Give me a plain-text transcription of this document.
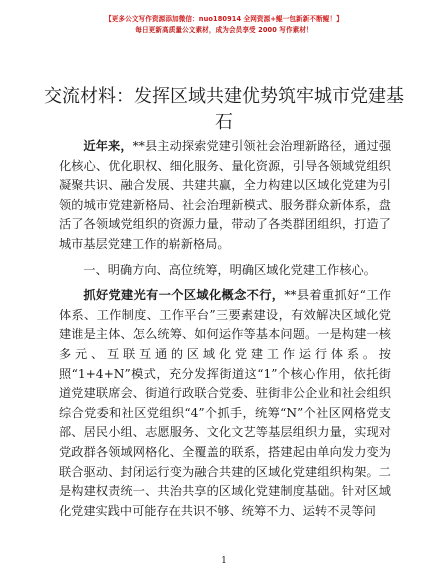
【更多公文写作资源添加微信：nuo180914 全网资源+鲲一包新新不断鲲！】
每日更新高质量公文素材，成为会员享受 2000 写作素材！
交流材料：发挥区域共建优势筑牢城市党建基石

近年来，**县主动探索党建引领社会治理新路径，通过强化核心、优化职权、细化服务、量化资源，引导各领域党组织凝聚共识、融合发展、共建共赢，全力构建以区域化党建为引领的城市党建新格局、社会治理新模式、服务群众新体系，盘活了各领域党组织的资源力量，带动了各类群团组织，打造了城市基层党建工作的崭新格局。

一、明确方向、高位统筹，明确区域化党建工作核心。

抓好党建光有一个区域化概念不行，**县着重抓好“工作体系、工作制度、工作平台”三要素建设，有效解决区域化党建谁是主体、怎么统筹、如何运作等基本问题。一是构建一核多元、互联互通的区域化党建工作运行体系。按照“1+4+N”模式，充分发挥街道这“1”个核心作用，依托街道党建联席会、街道行政联合党委、驻街非公企业和社会组织综合党委和社区党组织“4”个抓手，统筹“N”个社区网格党支部、居民小组、志愿服务、文化文艺等基层组织力量，实现对党政群各领域网格化、全覆盖的联系，搭建起由单向发力变为联合驱动、封闭运行变为融合共建的区域化党建组织构架。二是构建权责统一、共治共享的区域化党建制度基础。针对区域化党建实践中可能存在共识不够、统筹不力、运转不灵等问

1
